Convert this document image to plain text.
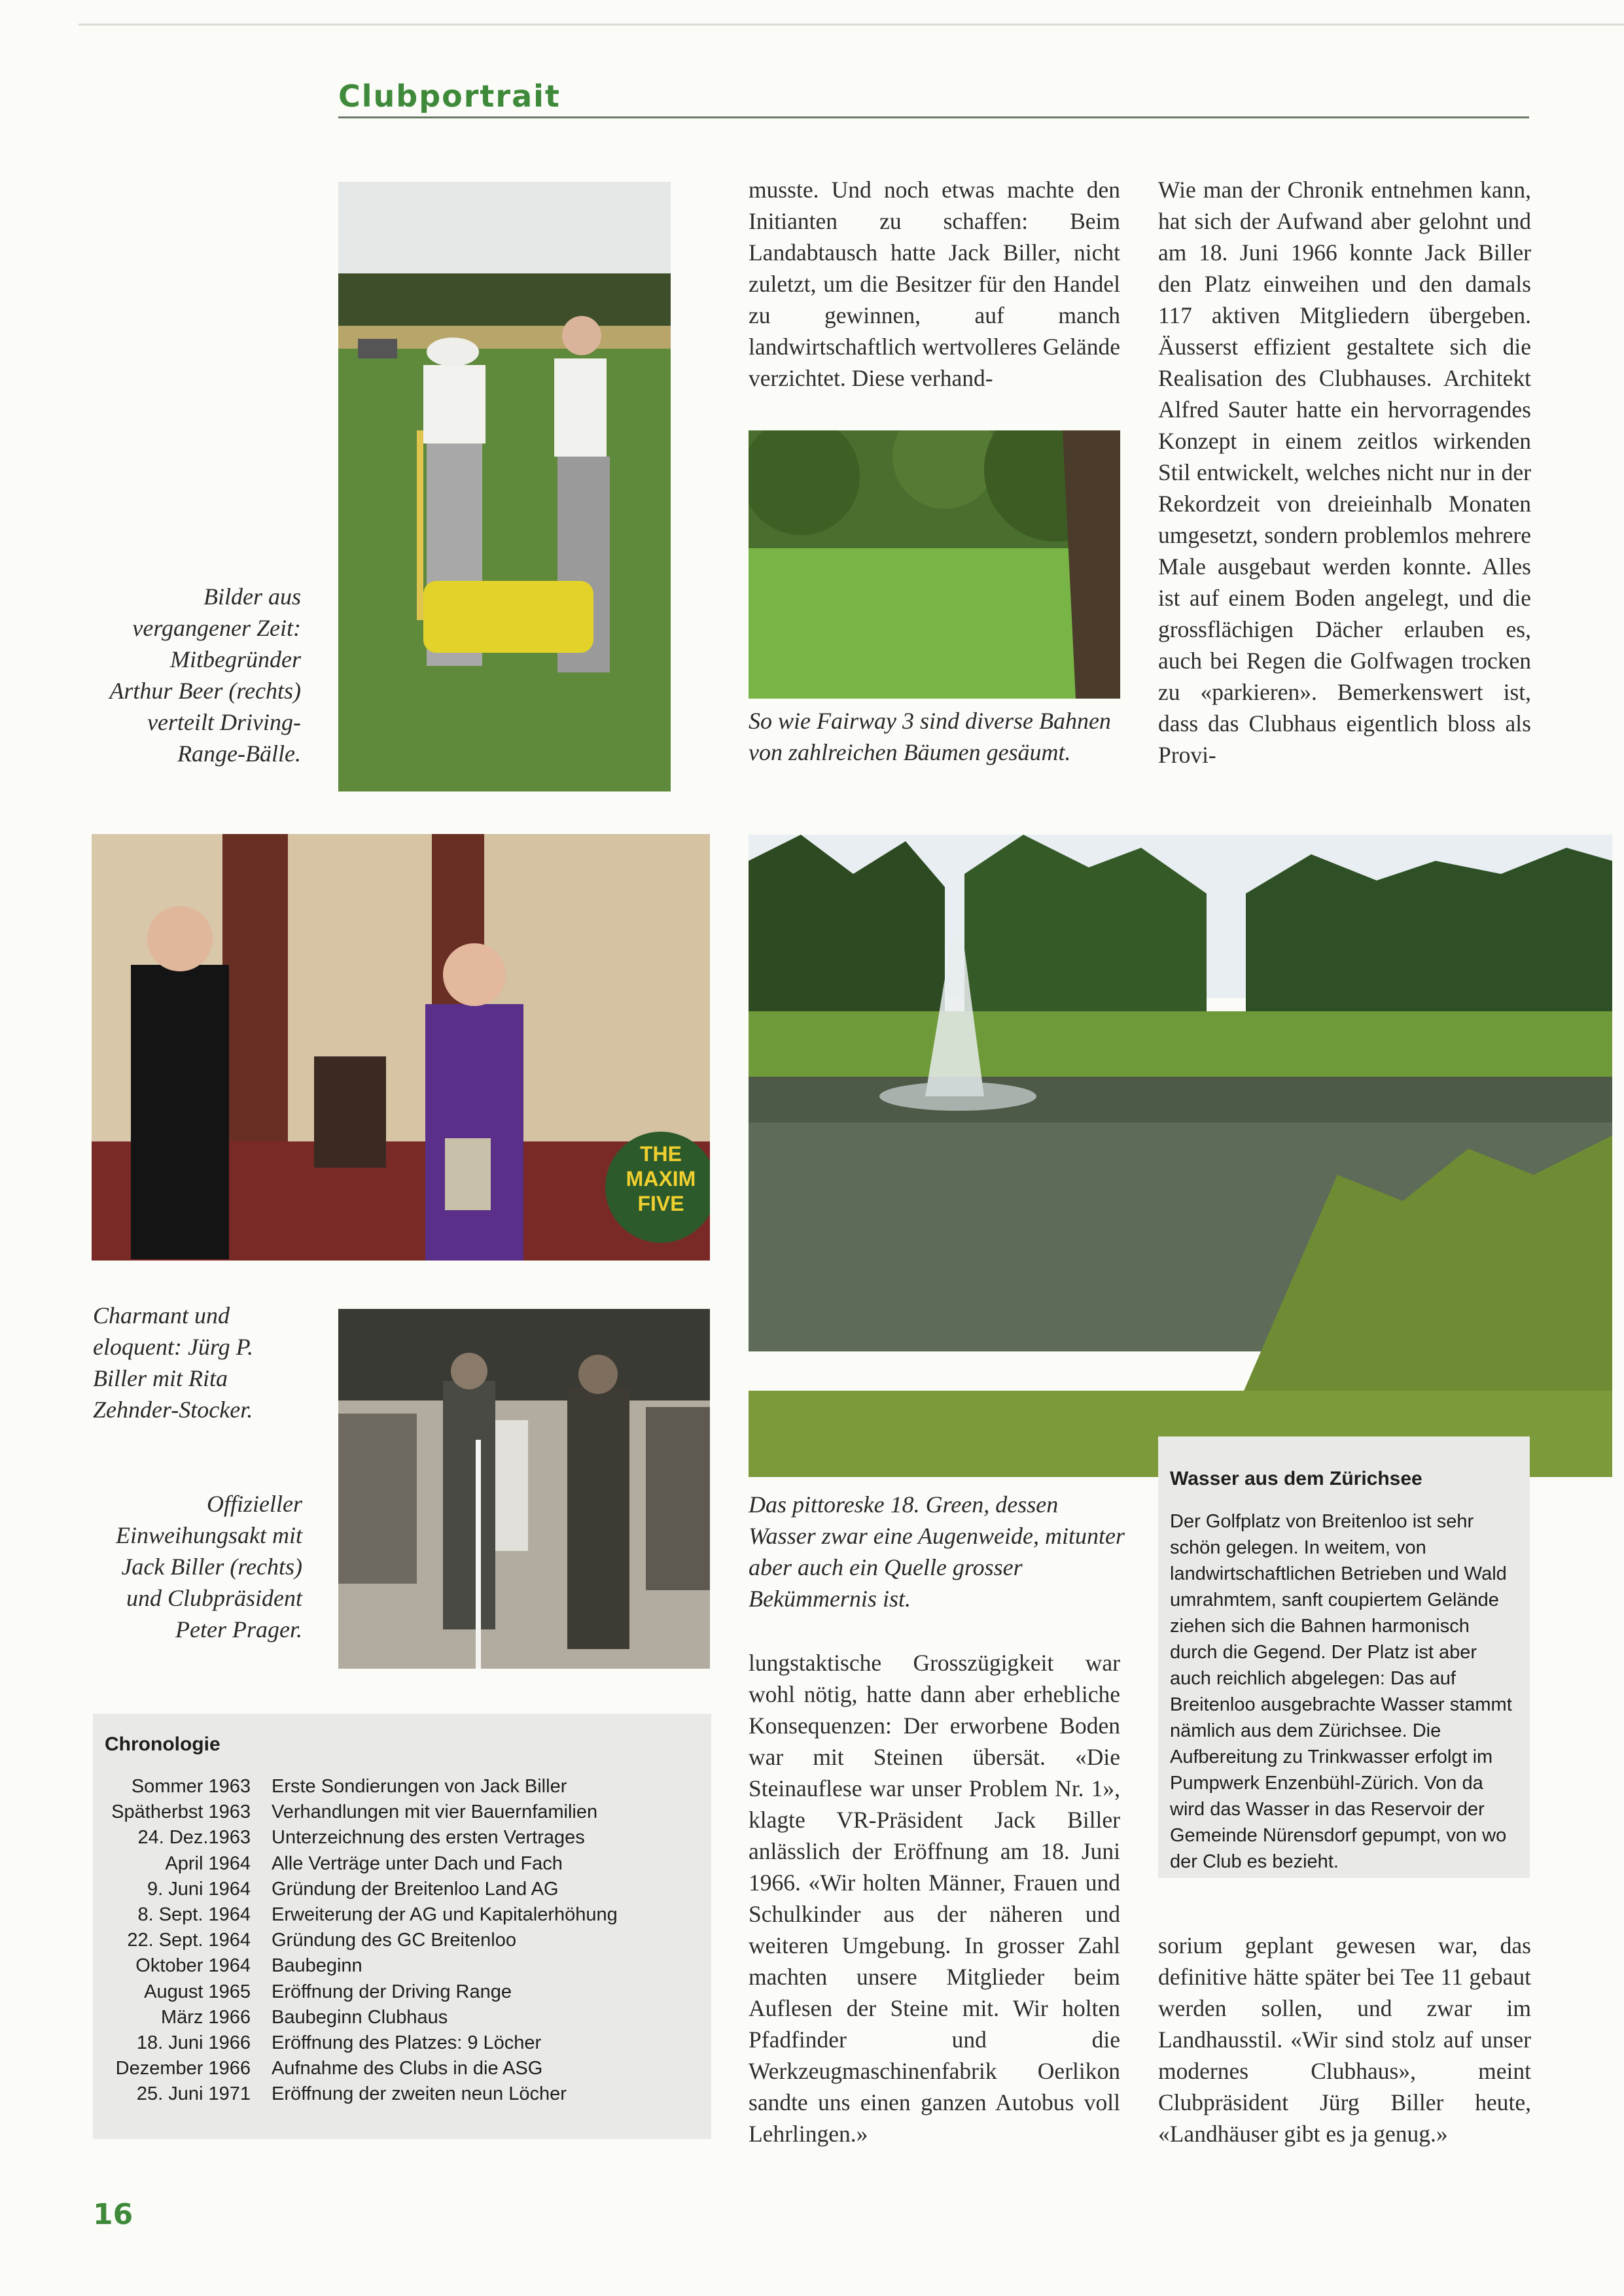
Clubportrait
Bilder aus vergangener Zeit: Mitbegründer Arthur Beer (rechts) verteilt Driving-Range-Bälle.

musste. Und noch etwas machte den Initianten zu schaffen: Beim Landabtausch hatte Jack Biller, nicht zuletzt, um die Besitzer für den Handel zu gewinnen, auf manch landwirtschaftlich wertvolleres Gelände verzichtet. Diese verhand-

So wie Fairway 3 sind diverse Bahnen von zahlreichen Bäumen gesäumt.

Wie man der Chronik entnehmen kann, hat sich der Aufwand aber gelohnt und am 18. Juni 1966 konnte Jack Biller den Platz einweihen und den damals 117 aktiven Mitgliedern übergeben. Äusserst effizient gestaltete sich die Realisation des Clubhauses. Architekt Alfred Sauter hatte ein hervorragendes Konzept in einem zeitlos wirkenden Stil entwickelt, welches nicht nur in der Rekordzeit von dreieinhalb Monaten umgesetzt, sondern problemlos mehrere Male ausgebaut werden konnte. Alles ist auf einem Boden angelegt, und die grossflächigen Dächer erlauben es, auch bei Regen die Golfwagen trocken zu «parkieren». Bemerkenswert ist, dass das Clubhaus eigentlich bloss als Provi-

THE
MAXIM
FIVE
Charmant und eloquent: Jürg P. Biller mit Rita Zehnder-Stocker.
Offizieller Einweihungsakt mit Jack Biller (rechts) und Clubpräsident Peter Prager.
Chronologie
Sommer 1963	Erste Sondierungen von Jack Biller
Spätherbst 1963	Verhandlungen mit vier Bauernfamilien
24. Dez.1963	Unterzeichnung des ersten Vertrages
April 1964	Alle Verträge unter Dach und Fach
9. Juni 1964	Gründung der Breitenloo Land AG
8. Sept. 1964	Erweiterung der AG und Kapitalerhöhung
22. Sept. 1964	Gründung des GC Breitenloo
Oktober 1964	Baubeginn
August 1965	Eröffnung der Driving Range
März 1966	Baubeginn Clubhaus
18. Juni 1966	Eröffnung des Platzes: 9 Löcher
Dezember 1966	Aufnahme des Clubs in die ASG
25. Juni 1971	Eröffnung der zweiten neun Löcher
Das pittoreske 18. Green, dessen Wasser zwar eine Augenweide, mitunter aber auch ein Quelle grosser Bekümmernis ist.
Wasser aus dem Zürichsee
Der Golfplatz von Breitenloo ist sehr schön gelegen. In weitem, von landwirtschaftlichen Betrieben und Wald umrahmtem, sanft coupiertem Gelände ziehen sich die Bahnen harmonisch durch die Gegend. Der Platz ist aber auch reichlich abgelegen: Das auf Breitenloo ausgebrachte Wasser stammt nämlich aus dem Zürichsee. Die Aufbereitung zu Trinkwasser erfolgt im Pumpwerk Enzenbühl-Zürich. Von da wird das Wasser in das Reservoir der Gemeinde Nürensdorf gepumpt, von wo der Club es bezieht.

lungstaktische Grosszügigkeit war wohl nötig, hatte dann aber erhebliche Konsequenzen: Der erworbene Boden war mit Steinen übersät. «Die Steinauflese war unser Problem Nr. 1», klagte VR-Präsident Jack Biller anlässlich der Eröffnung am 18. Juni 1966. «Wir holten Männer, Frauen und Schulkinder aus der näheren und weiteren Umgebung. In grosser Zahl machten unsere Mitglieder beim Auflesen der Steine mit. Wir holten Pfadfinder und die Werkzeugmaschinenfabrik Oerlikon sandte uns einen ganzen Autobus voll Lehrlingen.»

sorium geplant gewesen war, das definitive hätte später bei Tee 11 gebaut werden sollen, und zwar im Landhausstil. «Wir sind stolz auf unser modernes Clubhaus», meint Clubpräsident Jürg Biller heute, «Landhäuser gibt es ja genug.»

16
